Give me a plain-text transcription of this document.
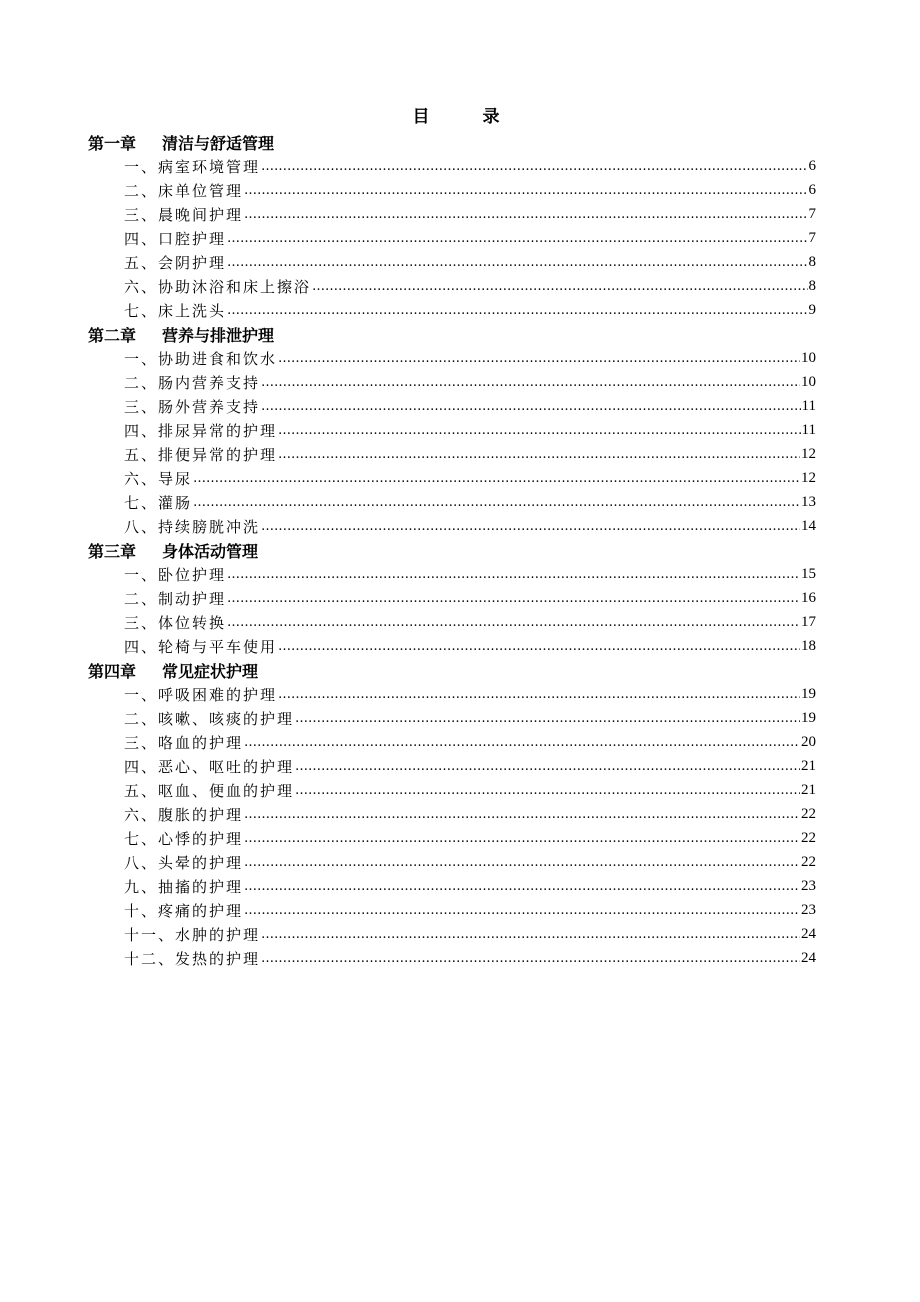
目　录
第一章	清洁与舒适管理
一、病室环境管理 …………………………………………………………………………………………………………………………………………………………………………………………………………………………………………………………	6
二、床单位管理 …………………………………………………………………………………………………………………………………………………………………………………………………………………………………………………………	6
三、晨晚间护理 …………………………………………………………………………………………………………………………………………………………………………………………………………………………………………………………	7
四、口腔护理 …………………………………………………………………………………………………………………………………………………………………………………………………………………………………………………………	7
五、会阴护理 …………………………………………………………………………………………………………………………………………………………………………………………………………………………………………………………	8
六、协助沐浴和床上擦浴 …………………………………………………………………………………………………………………………………………………………………………………………………………………………………………………………	8
七、床上洗头 …………………………………………………………………………………………………………………………………………………………………………………………………………………………………………………………	9
第二章	营养与排泄护理
一、协助进食和饮水 …………………………………………………………………………………………………………………………………………………………………………………………………………………………………………………………	10
二、肠内营养支持 …………………………………………………………………………………………………………………………………………………………………………………………………………………………………………………………	10
三、肠外营养支持 …………………………………………………………………………………………………………………………………………………………………………………………………………………………………………………………	11
四、排尿异常的护理 …………………………………………………………………………………………………………………………………………………………………………………………………………………………………………………………	11
五、排便异常的护理 …………………………………………………………………………………………………………………………………………………………………………………………………………………………………………………………	12
六、导尿 …………………………………………………………………………………………………………………………………………………………………………………………………………………………………………………………	12
七、灌肠 …………………………………………………………………………………………………………………………………………………………………………………………………………………………………………………………	13
八、持续膀胱冲洗 …………………………………………………………………………………………………………………………………………………………………………………………………………………………………………………………	14
第三章	身体活动管理
一、卧位护理 …………………………………………………………………………………………………………………………………………………………………………………………………………………………………………………………	15
二、制动护理 …………………………………………………………………………………………………………………………………………………………………………………………………………………………………………………………	16
三、体位转换 …………………………………………………………………………………………………………………………………………………………………………………………………………………………………………………………	17
四、轮椅与平车使用 …………………………………………………………………………………………………………………………………………………………………………………………………………………………………………………………	18
第四章	常见症状护理
一、呼吸困难的护理 …………………………………………………………………………………………………………………………………………………………………………………………………………………………………………………………	19
二、咳嗽、咳痰的护理 …………………………………………………………………………………………………………………………………………………………………………………………………………………………………………………………	19
三、咯血的护理 …………………………………………………………………………………………………………………………………………………………………………………………………………………………………………………………	20
四、恶心、呕吐的护理 …………………………………………………………………………………………………………………………………………………………………………………………………………………………………………………………	21
五、呕血、便血的护理 …………………………………………………………………………………………………………………………………………………………………………………………………………………………………………………………	21
六、腹胀的护理 …………………………………………………………………………………………………………………………………………………………………………………………………………………………………………………………	22
七、心悸的护理 …………………………………………………………………………………………………………………………………………………………………………………………………………………………………………………………	22
八、头晕的护理 …………………………………………………………………………………………………………………………………………………………………………………………………………………………………………………………	22
九、抽搐的护理 …………………………………………………………………………………………………………………………………………………………………………………………………………………………………………………………	23
十、疼痛的护理 …………………………………………………………………………………………………………………………………………………………………………………………………………………………………………………………	23
十一、水肿的护理 …………………………………………………………………………………………………………………………………………………………………………………………………………………………………………………………	24
十二、发热的护理 …………………………………………………………………………………………………………………………………………………………………………………………………………………………………………………………	24
